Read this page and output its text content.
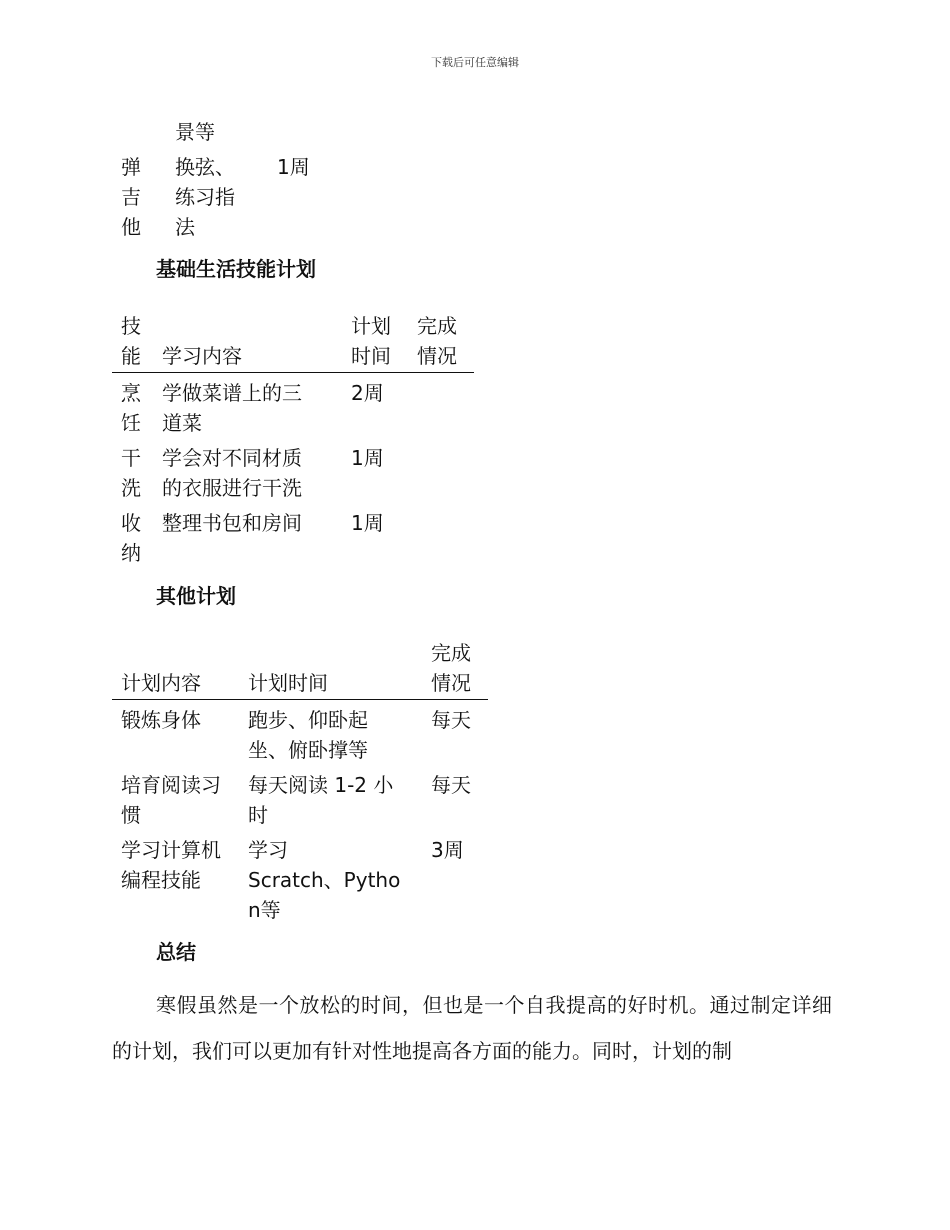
下载后可任意编辑
景等
弹
吉
他
换弦、
练习指
法
1周
基础生活技能计划
技
能 学习内容
计划
时间
完成
情况
烹
饪
学做菜谱上的三
道菜
2周
干
洗
学会对不同材质
的衣服进行干洗
1周
收
纳
整理书包和房间 1周
其他计划
计划内容 计划时间
完成
情况
锻炼身体 跑步、仰卧起
坐、俯卧撑等
每天
培育阅读习
惯
每天阅读 1-2 小
时
每天
学习计算机
编程技能
学习
Scratch、Pytho
n等
3周
总结
寒假虽然是一个放松的时间，但也是一个自我提高的好时机。通过制定详细的计划，我们可以更加有针对性地提高各方面的能力。同时，计划的制
